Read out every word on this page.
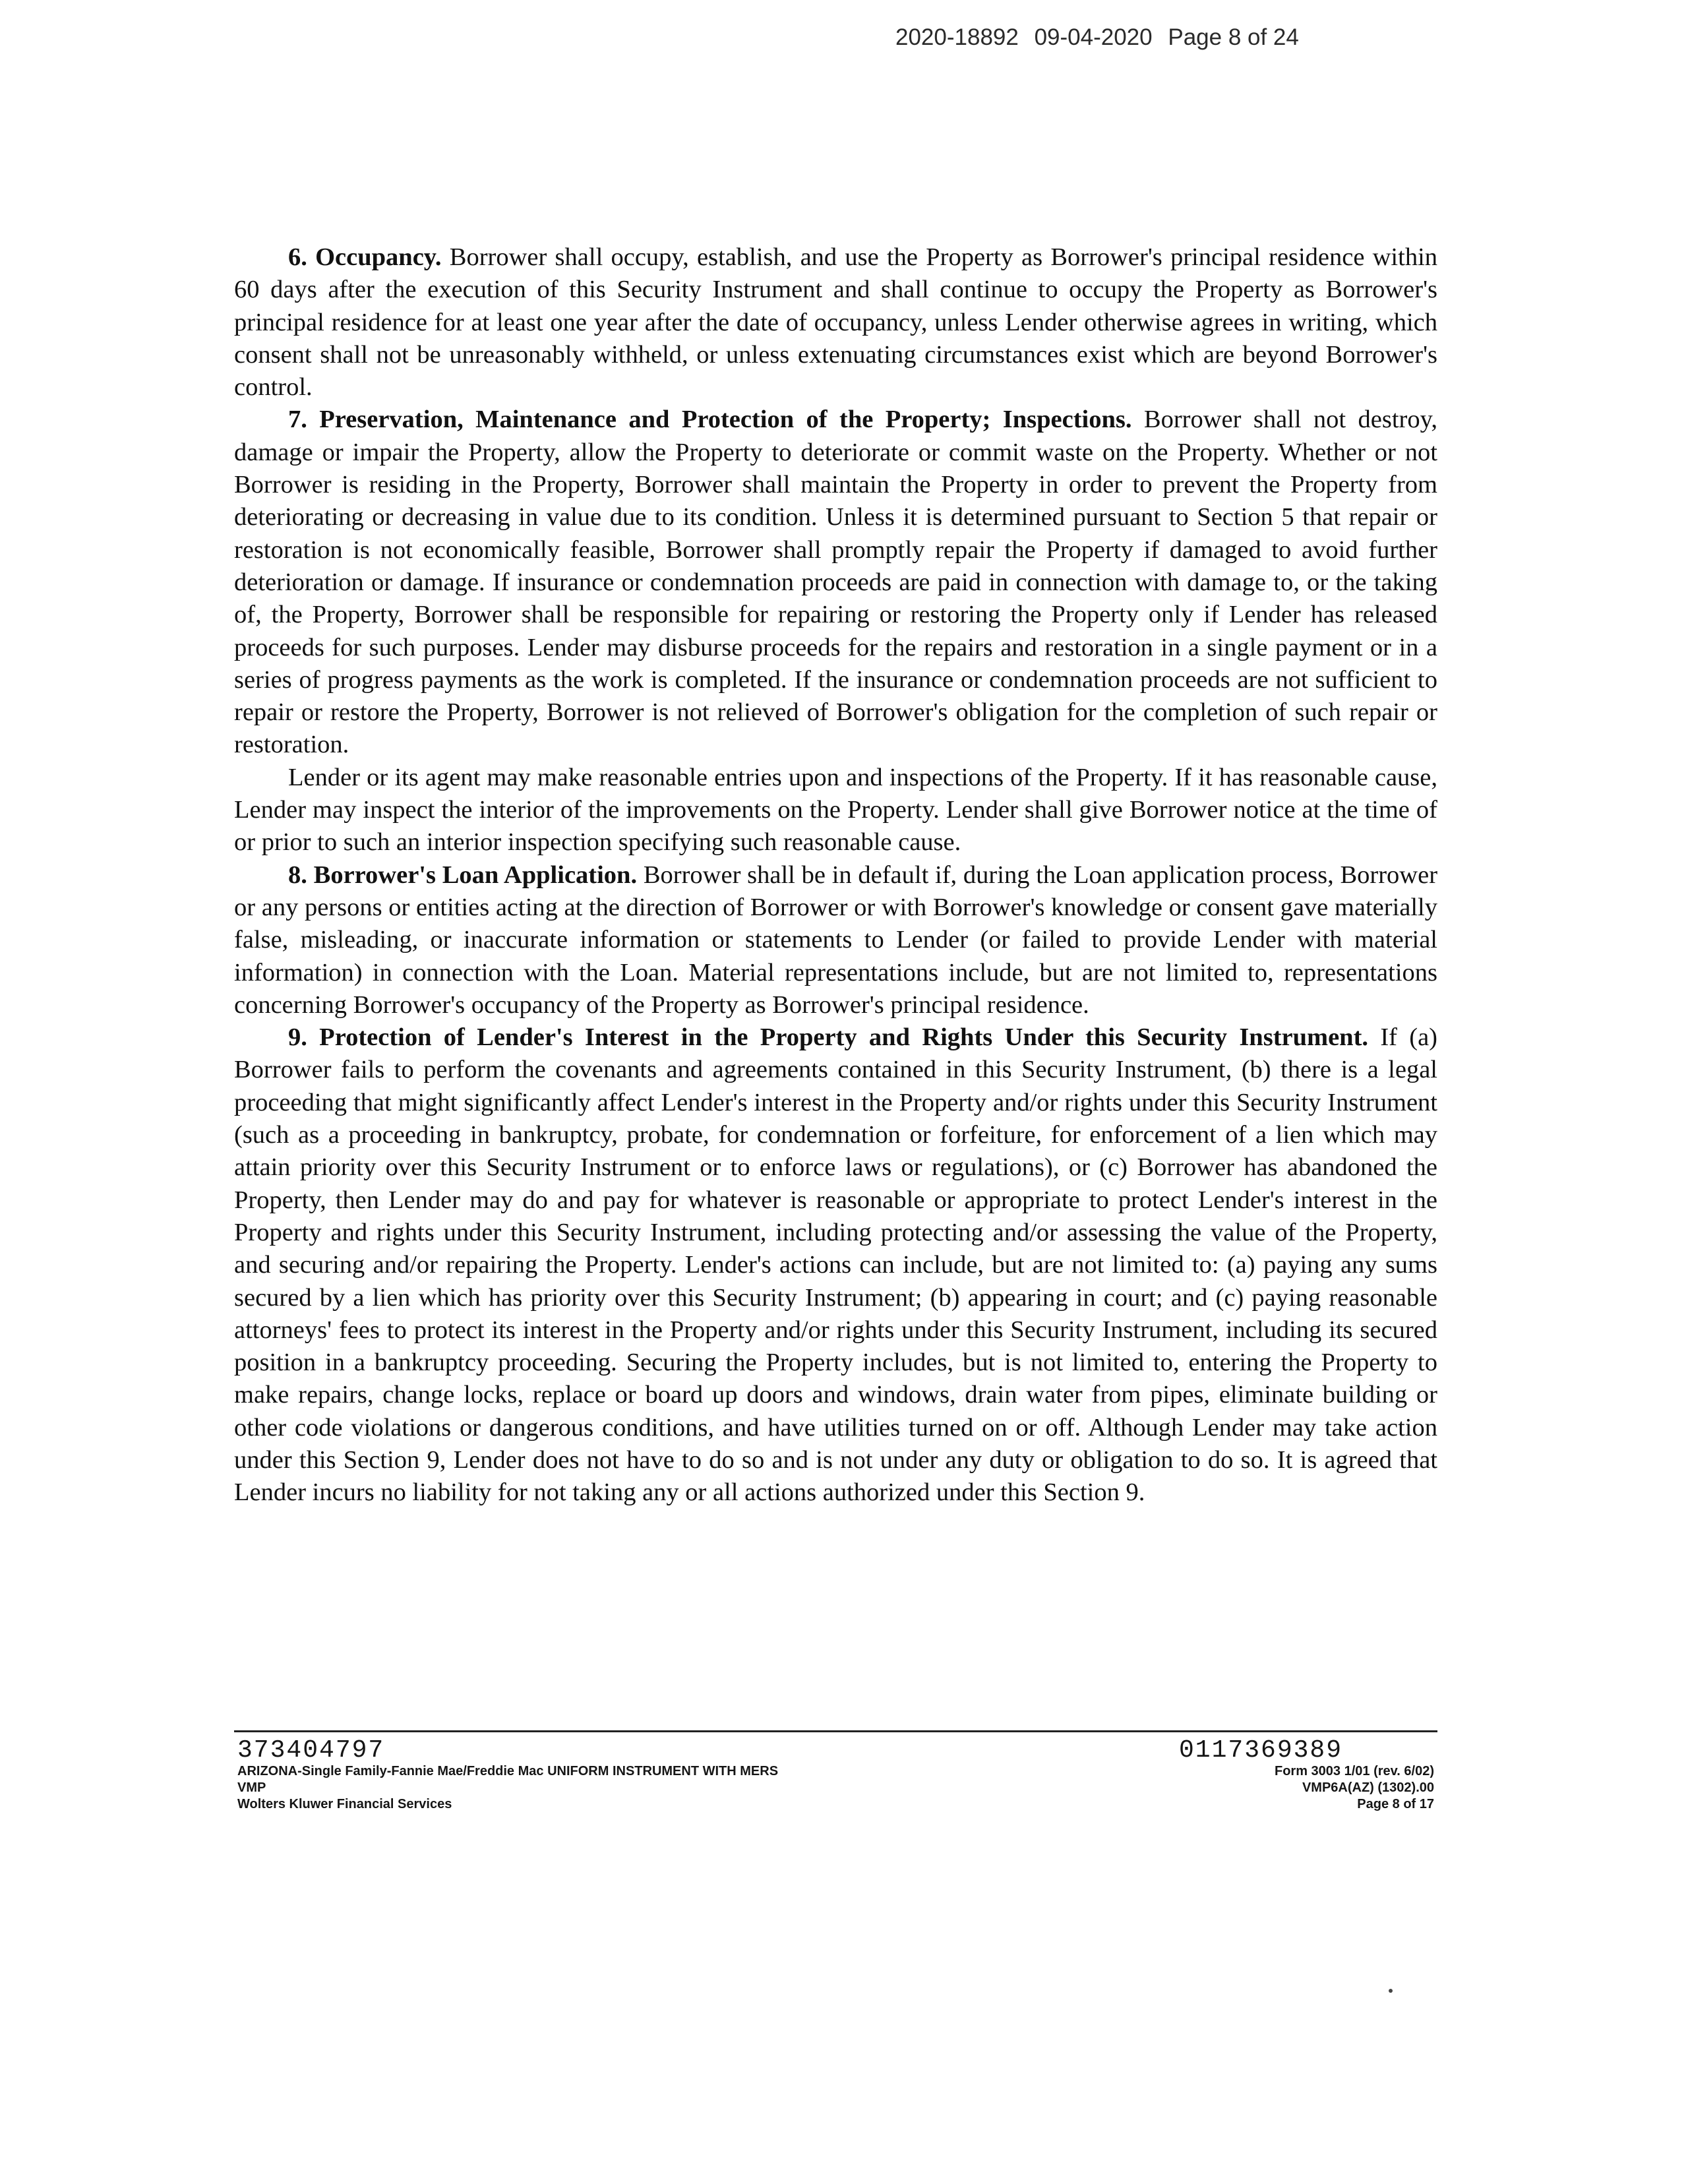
2020-18892 09-04-2020 Page 8 of 24

6. Occupancy. Borrower shall occupy, establish, and use the Property as Borrower's principal residence within 60 days after the execution of this Security Instrument and shall continue to occupy the Property as Borrower's principal residence for at least one year after the date of occupancy, unless Lender otherwise agrees in writing, which consent shall not be unreasonably withheld, or unless extenuating circumstances exist which are beyond Borrower's control.

7. Preservation, Maintenance and Protection of the Property; Inspections. Borrower shall not destroy, damage or impair the Property, allow the Property to deteriorate or commit waste on the Property. Whether or not Borrower is residing in the Property, Borrower shall maintain the Property in order to prevent the Property from deteriorating or decreasing in value due to its condition. Unless it is determined pursuant to Section 5 that repair or restoration is not economically feasible, Borrower shall promptly repair the Property if damaged to avoid further deterioration or damage. If insurance or condemnation proceeds are paid in connection with damage to, or the taking of, the Property, Borrower shall be responsible for repairing or restoring the Property only if Lender has released proceeds for such purposes. Lender may disburse proceeds for the repairs and restoration in a single payment or in a series of progress payments as the work is completed. If the insurance or condemnation proceeds are not sufficient to repair or restore the Property, Borrower is not relieved of Borrower's obligation for the completion of such repair or restoration.

Lender or its agent may make reasonable entries upon and inspections of the Property. If it has reasonable cause, Lender may inspect the interior of the improvements on the Property. Lender shall give Borrower notice at the time of or prior to such an interior inspection specifying such reasonable cause.

8. Borrower's Loan Application. Borrower shall be in default if, during the Loan application process, Borrower or any persons or entities acting at the direction of Borrower or with Borrower's knowledge or consent gave materially false, misleading, or inaccurate information or statements to Lender (or failed to provide Lender with material information) in connection with the Loan. Material representations include, but are not limited to, representations concerning Borrower's occupancy of the Property as Borrower's principal residence.

9. Protection of Lender's Interest in the Property and Rights Under this Security Instrument. If (a) Borrower fails to perform the covenants and agreements contained in this Security Instrument, (b) there is a legal proceeding that might significantly affect Lender's interest in the Property and/or rights under this Security Instrument (such as a proceeding in bankruptcy, probate, for condemnation or forfeiture, for enforcement of a lien which may attain priority over this Security Instrument or to enforce laws or regulations), or (c) Borrower has abandoned the Property, then Lender may do and pay for whatever is reasonable or appropriate to protect Lender's interest in the Property and rights under this Security Instrument, including protecting and/or assessing the value of the Property, and securing and/or repairing the Property. Lender's actions can include, but are not limited to: (a) paying any sums secured by a lien which has priority over this Security Instrument; (b) appearing in court; and (c) paying reasonable attorneys' fees to protect its interest in the Property and/or rights under this Security Instrument, including its secured position in a bankruptcy proceeding. Securing the Property includes, but is not limited to, entering the Property to make repairs, change locks, replace or board up doors and windows, drain water from pipes, eliminate building or other code violations or dangerous conditions, and have utilities turned on or off. Although Lender may take action under this Section 9, Lender does not have to do so and is not under any duty or obligation to do so. It is agreed that Lender incurs no liability for not taking any or all actions authorized under this Section 9.

373404797
ARIZONA-Single Family-Fannie Mae/Freddie Mac UNIFORM INSTRUMENT WITH MERS
VMP
Wolters Kluwer Financial Services
0117369389
Form 3003 1/01 (rev. 6/02)
VMP6A(AZ) (1302).00
Page 8 of 17
